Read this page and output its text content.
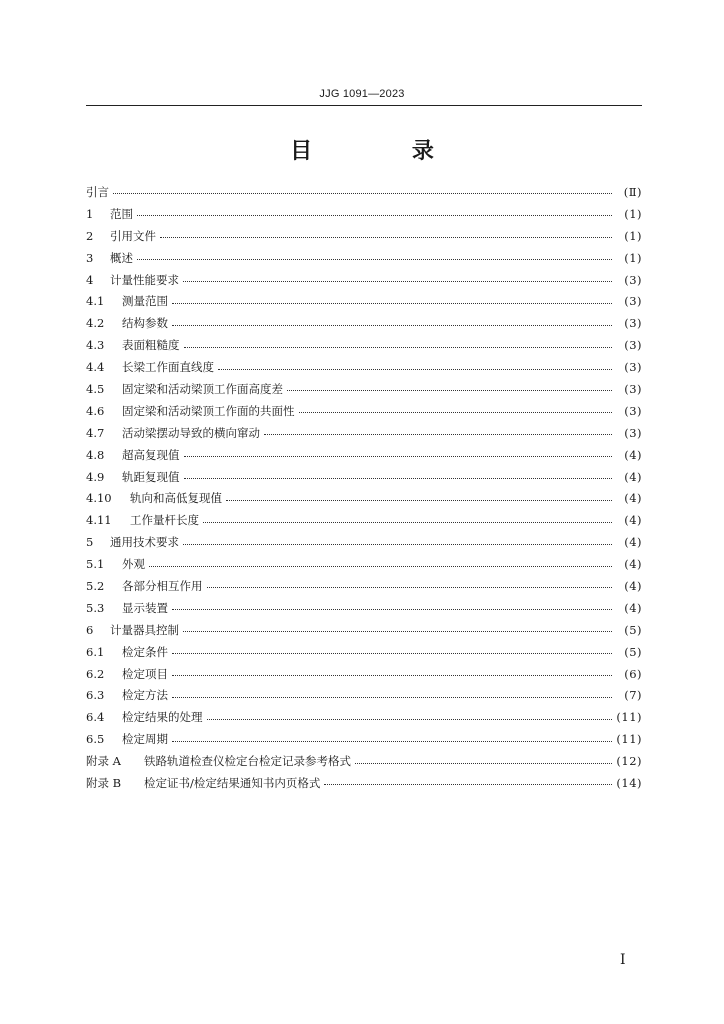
JJG 1091—2023
目 录
引言	(Ⅱ)
1	范围	(1)
2	引用文件	(1)
3	概述	(1)
4	计量性能要求	(3)
4.1	测量范围	(3)
4.2	结构参数	(3)
4.3	表面粗糙度	(3)
4.4	长梁工作面直线度	(3)
4.5	固定梁和活动梁顶工作面高度差	(3)
4.6	固定梁和活动梁顶工作面的共面性	(3)
4.7	活动梁摆动导致的横向窜动	(3)
4.8	超高复现值	(4)
4.9	轨距复现值	(4)
4.10	轨向和高低复现值	(4)
4.11	工作量杆长度	(4)
5	通用技术要求	(4)
5.1	外观	(4)
5.2	各部分相互作用	(4)
5.3	显示装置	(4)
6	计量器具控制	(5)
6.1	检定条件	(5)
6.2	检定项目	(6)
6.3	检定方法	(7)
6.4	检定结果的处理	(11)
6.5	检定周期	(11)
附录 A	铁路轨道检查仪检定台检定记录参考格式	(12)
附录 B	检定证书/检定结果通知书内页格式	(14)
I
